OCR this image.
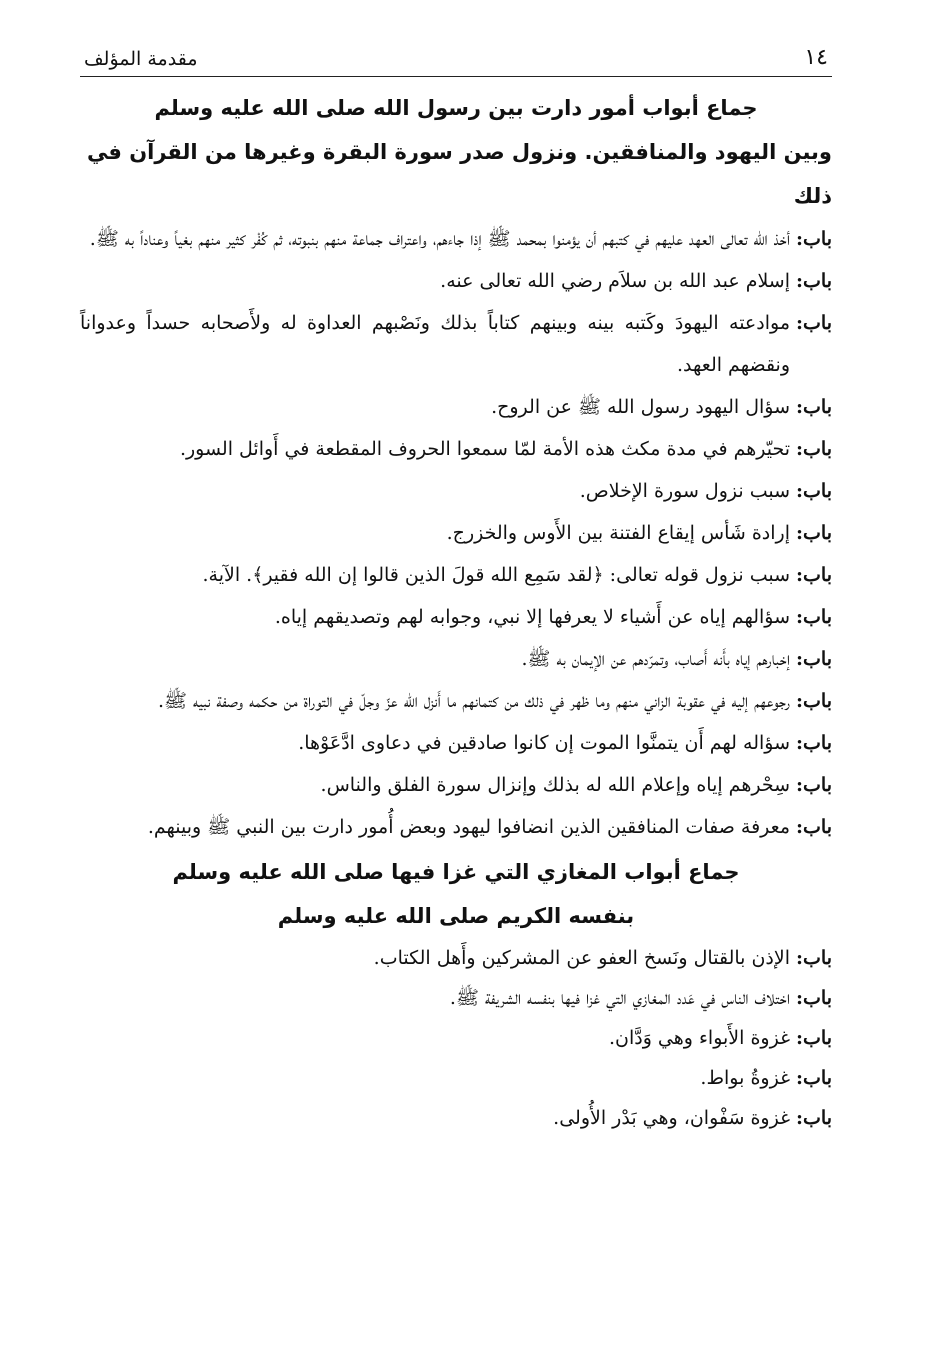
١٤
مقدمة المؤلف

جماع أبواب أمور دارت بين رسول الله صلى الله عليه وسلم

وبين اليهود والمنافقين. ونزول صدر سورة البقرة وغيرها من القرآن في ذلك

باب:
أخذ الله تعالى العهد عليهم في كتبهم أن يؤمنوا بمحمد ﷺ إذا جاءهم، واعتراف جماعة منهم بنبوته، ثم كُفْر كثير منهم بغياً وعناداً به ﷺ.
باب:
إسلام عبد الله بن سلاَم رضي الله تعالى عنه.
باب:
موادعته اليهودَ وكَتبه بينه وبينهم كتاباً بذلك ونَصْبهم العداوة له ولأَصحابه حسداً وعدواناً ونقضهم العهد.
باب:
سؤال اليهود رسول الله ﷺ عن الروح.
باب:
تحيّرهم في مدة مكث هذه الأمة لمّا سمعوا الحروف المقطعة في أَوائل السور.
باب:
سبب نزول سورة الإخلاص.
باب:
إرادة شَأس إيقاع الفتنة بين الأَوس والخزرج.
باب:
سبب نزول قوله تعالى: ﴿لقد سَمِع الله قولَ الذين قالوا إن الله فقير﴾. الآية.
باب:
سؤالهم إياه عن أَشياء لا يعرفها إلا نبي، وجوابه لهم وتصديقهم إياه.
باب:
إخبارهم إياه بأَنه أَصاب، وتمرّدهم عن الإيمان به ﷺ.
باب:
رجوعهم إليه في عقوبة الزاني منهم وما ظهر في ذلك من كتمانهم ما أَنزل الله عزّ وجلّ في التوراة من حكمه وصفة نبيه ﷺ.
باب:
سؤاله لهم أَن يتمنَّوا الموت إن كانوا صادقين في دعاوى ادَّعَوْها.
باب:
سِحْرهم إياه وإعلام الله له بذلك وإنزال سورة الفلق والناس.
باب:
معرفة صفات المنافقين الذين انضافوا ليهود وبعض أُمور دارت بين النبي ﷺ وبينهم.

جماع أبواب المغازي التي غزا فيها صلى الله عليه وسلم

بنفسه الكريم صلى الله عليه وسلم

باب:
الإذن بالقتال ونَسخ العفو عن المشركين وأَهل الكتاب.
باب:
اختلاف الناس في عَدد المغازي التي غزا فيها بنفسه الشريفة ﷺ.
باب:
غزوة الأَبواء وهي وَدَّان.
باب:
غزوةُ بواط.
باب:
غزوة سَفْوان، وهي بَدْر الأُولى.
